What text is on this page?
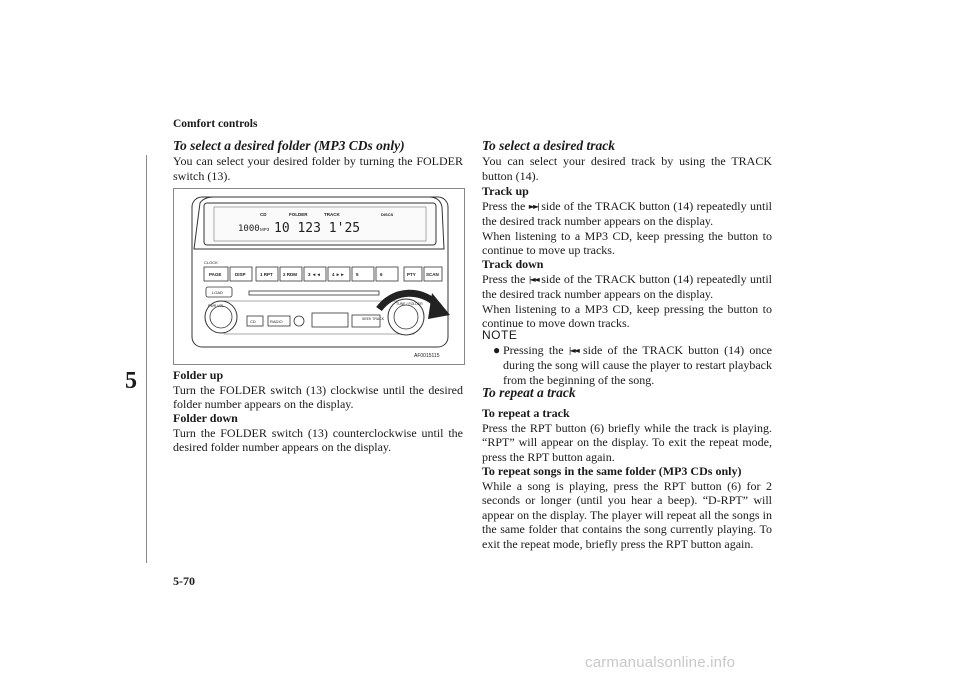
Comfort controls
5
To select a desired folder (MP3 CDs only)

You can select your desired folder by turning the FOLDER switch (13).

CD	FOLDER	TRACK	DISCS
1000 MP3 10 123 1'25
CLOCK
PAGE	DISP	1 RPT 2 RDM 3 ◄◄	4 ►►	5	6	PTY SCAN
LOAD
CD	RADIO	SEEK TRACK
PWR VOL	TUNE / FOLDER
AF0015115
Folder up

Turn the FOLDER switch (13) clockwise until the desired folder number appears on the display.

Folder down

Turn the FOLDER switch (13) counterclockwise until the desired folder number appears on the display.

To select a desired track

You can select your desired track by using the TRACK button (14).

Track up

Press the ►►| side of the TRACK button (14) repeatedly until the desired track number appears on the display.

When listening to a MP3 CD, keep pressing the button to continue to move up tracks.

Track down

Press the |◄◄ side of the TRACK button (14) repeatedly until the desired track number appears on the display.

When listening to a MP3 CD, keep pressing the button to continue to move down tracks.

NOTE
● Pressing the |◄◄ side of the TRACK button (14) once during the song will cause the player to restart playback from the beginning of the song.
To repeat a track
To repeat a track

Press the RPT button (6) briefly while the track is playing. “RPT” will appear on the display. To exit the repeat mode, press the RPT button again.

To repeat songs in the same folder (MP3 CDs only)

While a song is playing, press the RPT button (6) for 2 seconds or longer (until you hear a beep). “D-RPT” will appear on the display. The player will repeat all the songs in the same folder that contains the song currently playing. To exit the repeat mode, briefly press the RPT button again.

5-70
carmanualsonline.info
